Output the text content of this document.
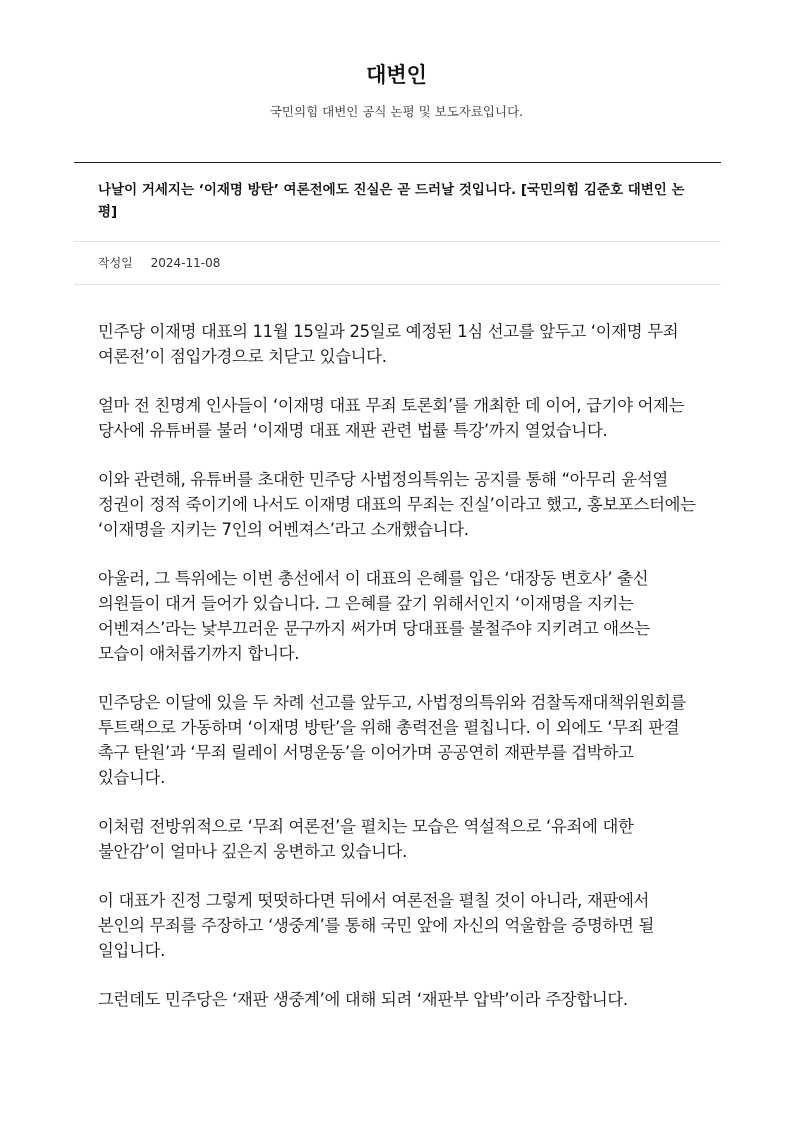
대변인

국민의힘 대변인 공식 논평 및 보도자료입니다.

나날이 거세지는 ‘이재명 방탄’ 여론전에도 진실은 곧 드러날 것입니다. [국민의힘 김준호 대변인 논평]
작성일 2024-11-08

민주당 이재명 대표의 11월 15일과 25일로 예정된 1심 선고를 앞두고 ‘이재명 무죄 여론전’이 점입가경으로 치닫고 있습니다.

얼마 전 친명계 인사들이 ‘이재명 대표 무죄 토론회’를 개최한 데 이어, 급기야 어제는 당사에 유튜버를 불러 ‘이재명 대표 재판 관련 법률 특강’까지 열었습니다.

이와 관련해, 유튜버를 초대한 민주당 사법정의특위는 공지를 통해 “아무리 윤석열 정권이 정적 죽이기에 나서도 이재명 대표의 무죄는 진실’이라고 했고, 홍보포스터에는 ‘이재명을 지키는 7인의 어벤져스’라고 소개했습니다.

아울러, 그 특위에는 이번 총선에서 이 대표의 은혜를 입은 ‘대장동 변호사’ 출신 의원들이 대거 들어가 있습니다. 그 은혜를 갚기 위해서인지 ‘이재명을 지키는 어벤져스’라는 낯부끄러운 문구까지 써가며 당대표를 불철주야 지키려고 애쓰는 모습이 애처롭기까지 합니다.

민주당은 이달에 있을 두 차례 선고를 앞두고, 사법정의특위와 검찰독재대책위원회를 투트랙으로 가동하며 ‘이재명 방탄’을 위해 총력전을 펼칩니다. 이 외에도 ‘무죄 판결 촉구 탄원’과 ‘무죄 릴레이 서명운동’을 이어가며 공공연히 재판부를 겁박하고 있습니다.

이처럼 전방위적으로 ‘무죄 여론전’을 펼치는 모습은 역설적으로 ‘유죄에 대한 불안감’이 얼마나 깊은지 웅변하고 있습니다.

이 대표가 진정 그렇게 떳떳하다면 뒤에서 여론전을 펼칠 것이 아니라, 재판에서 본인의 무죄를 주장하고 ‘생중계’를 통해 국민 앞에 자신의 억울함을 증명하면 될 일입니다.

그런데도 민주당은 ‘재판 생중계’에 대해 되려 ‘재판부 압박’이라 주장합니다.
